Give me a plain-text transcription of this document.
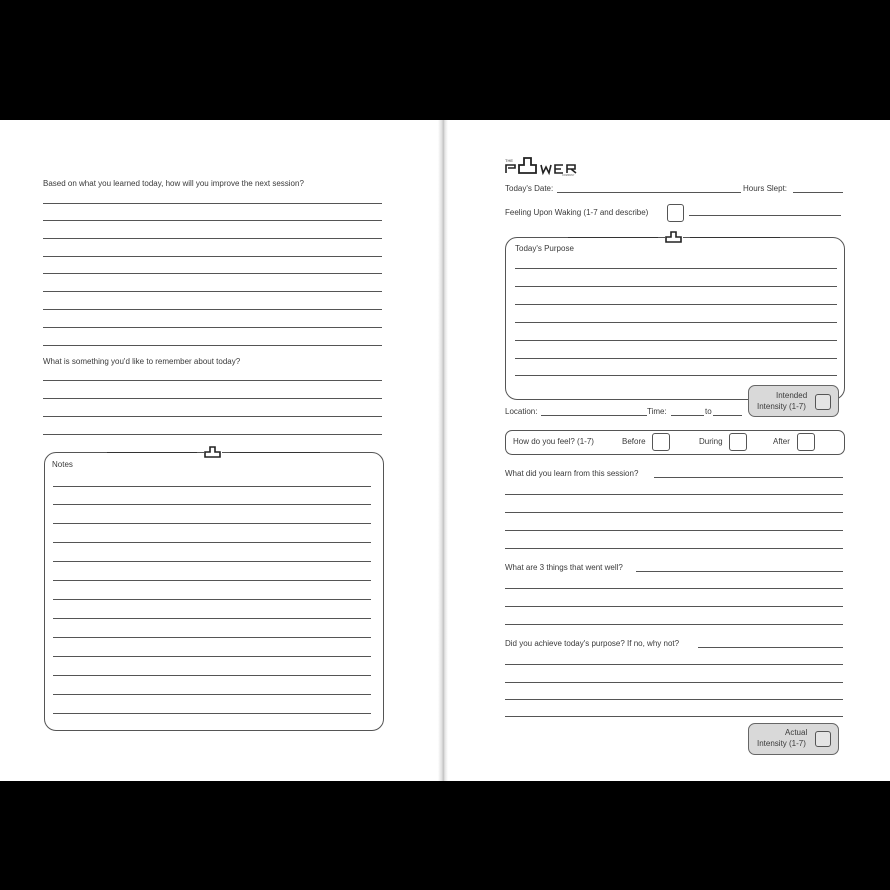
Based on what you learned today, how will you improve the next session?
What is something you'd like to remember about today?
Notes
THE
COMPANY
Today's Date:	Hours Slept:
Feeling Upon Waking (1-7 and describe)
Today's Purpose
Intended
Intensity (1-7)
Location:	Time:	to
How do you feel? (1-7)	Before	During	After
What did you learn from this session?
What are 3 things that went well?
Did you achieve today's purpose? If no, why not?
Actual
Intensity (1-7)
